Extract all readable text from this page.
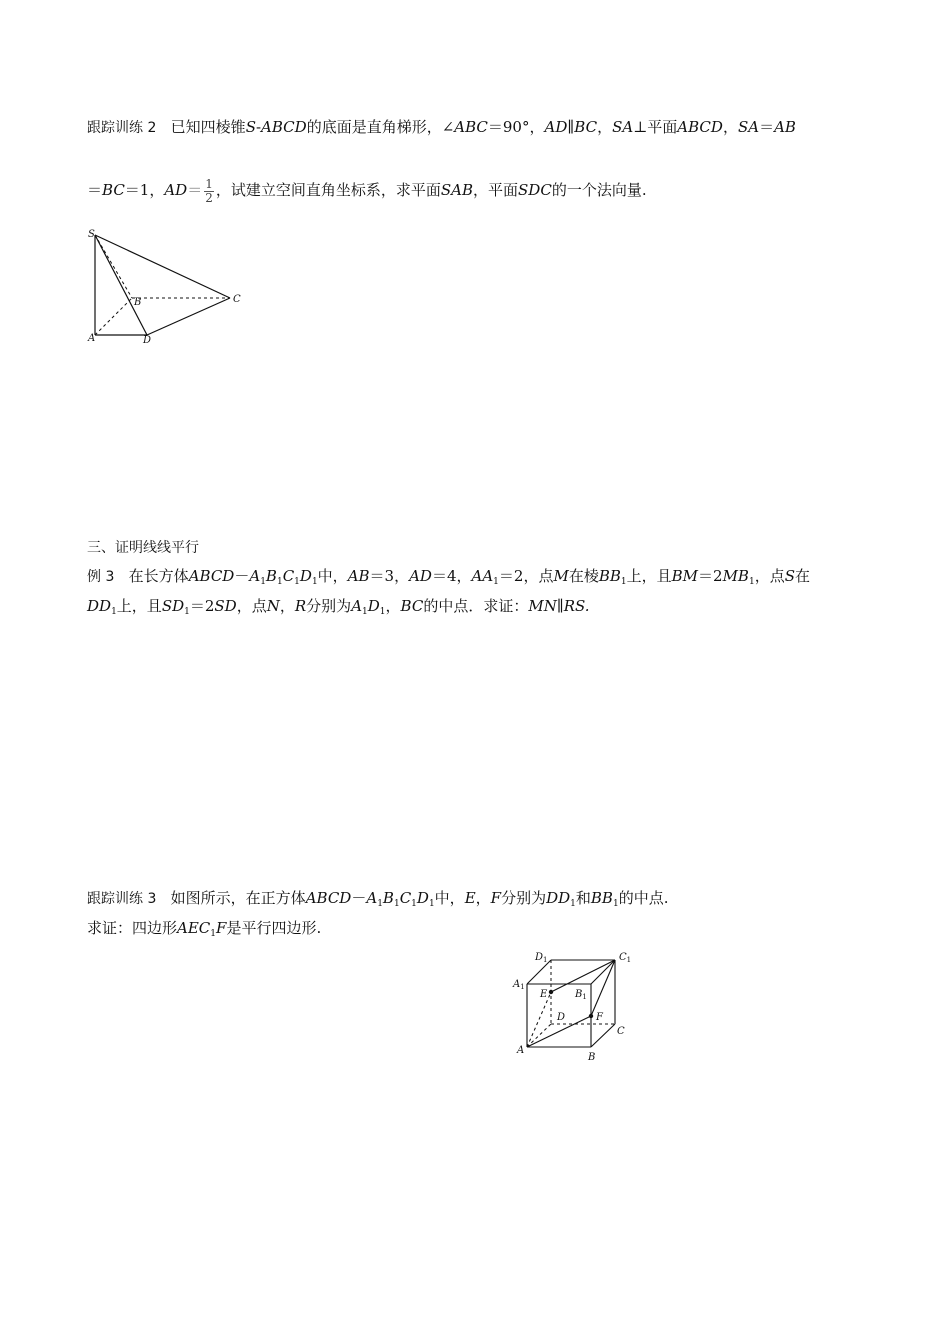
跟踪训练 2 已知四棱锥S‑ABCD的底面是直角梯形，∠ABC＝90°，AD∥BC，SA⊥平面ABCD，SA＝AB
＝BC＝1，$AD= \frac{1}{2}$ ，试建立空间直角坐标系，求平面SAB，平面SDC的一个法向量.
S
A
B	C
D
三、证明线线平行
例 3 在长方体$ABCD-A_1B_1C_1D_1$中，AB＝3，AD＝4，$AA_1=2$，点M在棱$BB_1$上，且$BM=2MB_1$，点S在
$DD_1$上，且$SD_1=2SD$，点N，R分别为$A_1D_1$，BC的中点．求证：MN∥RS.
跟踪训练 3 如图所示，在正方体$ABCD-A_1B_1C_1D_1$中，E，F分别为$DD_1$和$BB_1$的中点.
求证：四边形$AEC_1F$是平行四边形.
$D_1$	$C_1$
$A_1$
$B_1$
E
D	F
C
A
B
